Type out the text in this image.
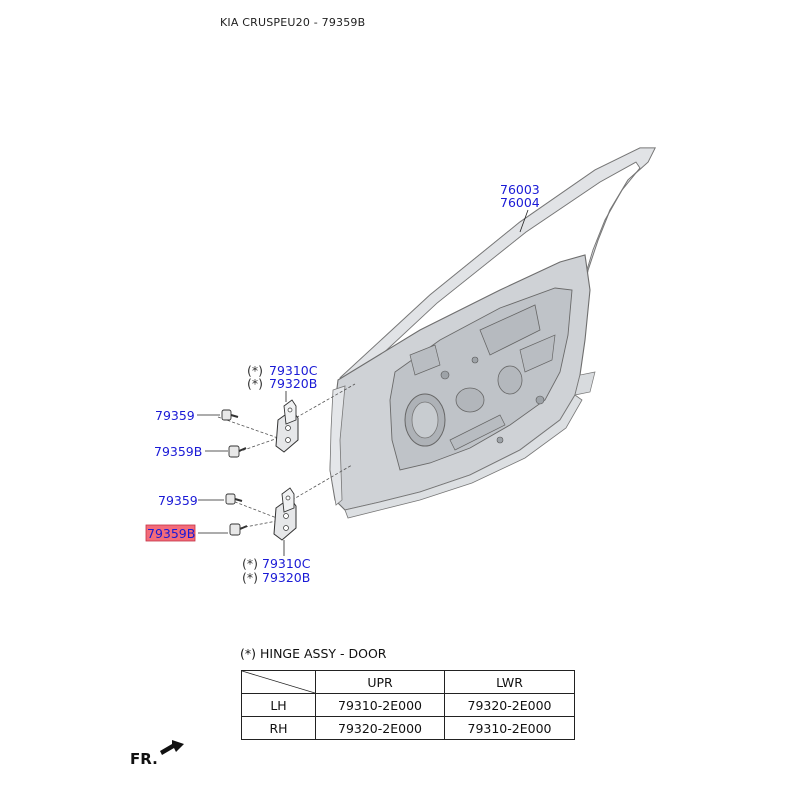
KIA CRUSPEU20 - 79359B
76003
76004
(*) 79310C
(*) 79320B
79359
79359B
79359
79359B
(*) 79310C
(*) 79320B
(*) HINGE ASSY - DOOR
	UPR	LWR
LH	79310-2E000	79320-2E000
RH	79320-2E000	79310-2E000
FR.
